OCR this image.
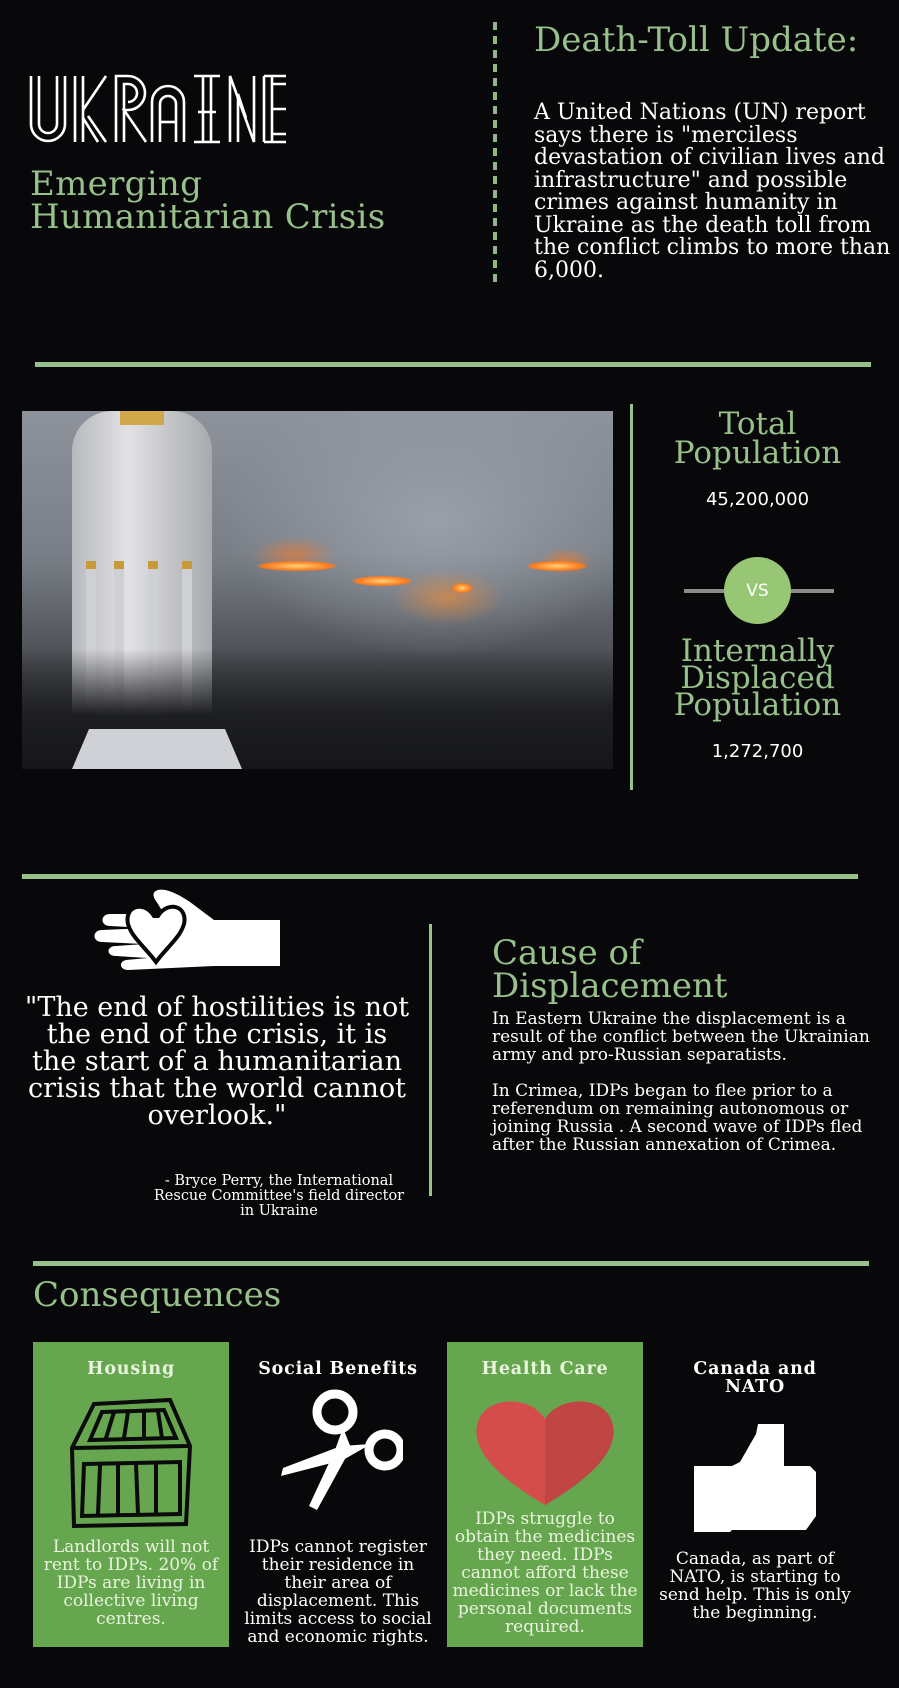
Emerging Humanitarian Crisis
Death-Toll Update:
A United Nations (UN) report says there is "merciless devastation of civilian lives and infrastructure" and possible crimes against humanity in Ukraine as the death toll from the conflict climbs to more than 6,000.
Total Population
45,200,000
VS
Internally Displaced Population
1,272,700
"The end of hostilities is not the end of the crisis, it is the start of a humanitarian crisis that the world cannot overlook."
- Bryce Perry, the International Rescue Committee's field director in Ukraine
Cause of Displacement

In Eastern Ukraine the displacement is a result of the conflict between the Ukrainian army and pro-Russian separatists.

In Crimea, IDPs began to flee prior to a referendum on remaining autonomous or joining Russia . A second wave of IDPs fled after the Russian annexation of Crimea.

Consequences
Housing
Landlords will not rent to IDPs. 20% of IDPs are living in collective living centres.
Social Benefits
IDPs cannot register their residence in their area of displacement. This limits access to social and economic rights.
Health Care
IDPs struggle to obtain the medicines they need. IDPs cannot afford these medicines or lack the personal documents required.
Canada and NATO
Canada, as part of NATO, is starting to send help. This is only the beginning.
